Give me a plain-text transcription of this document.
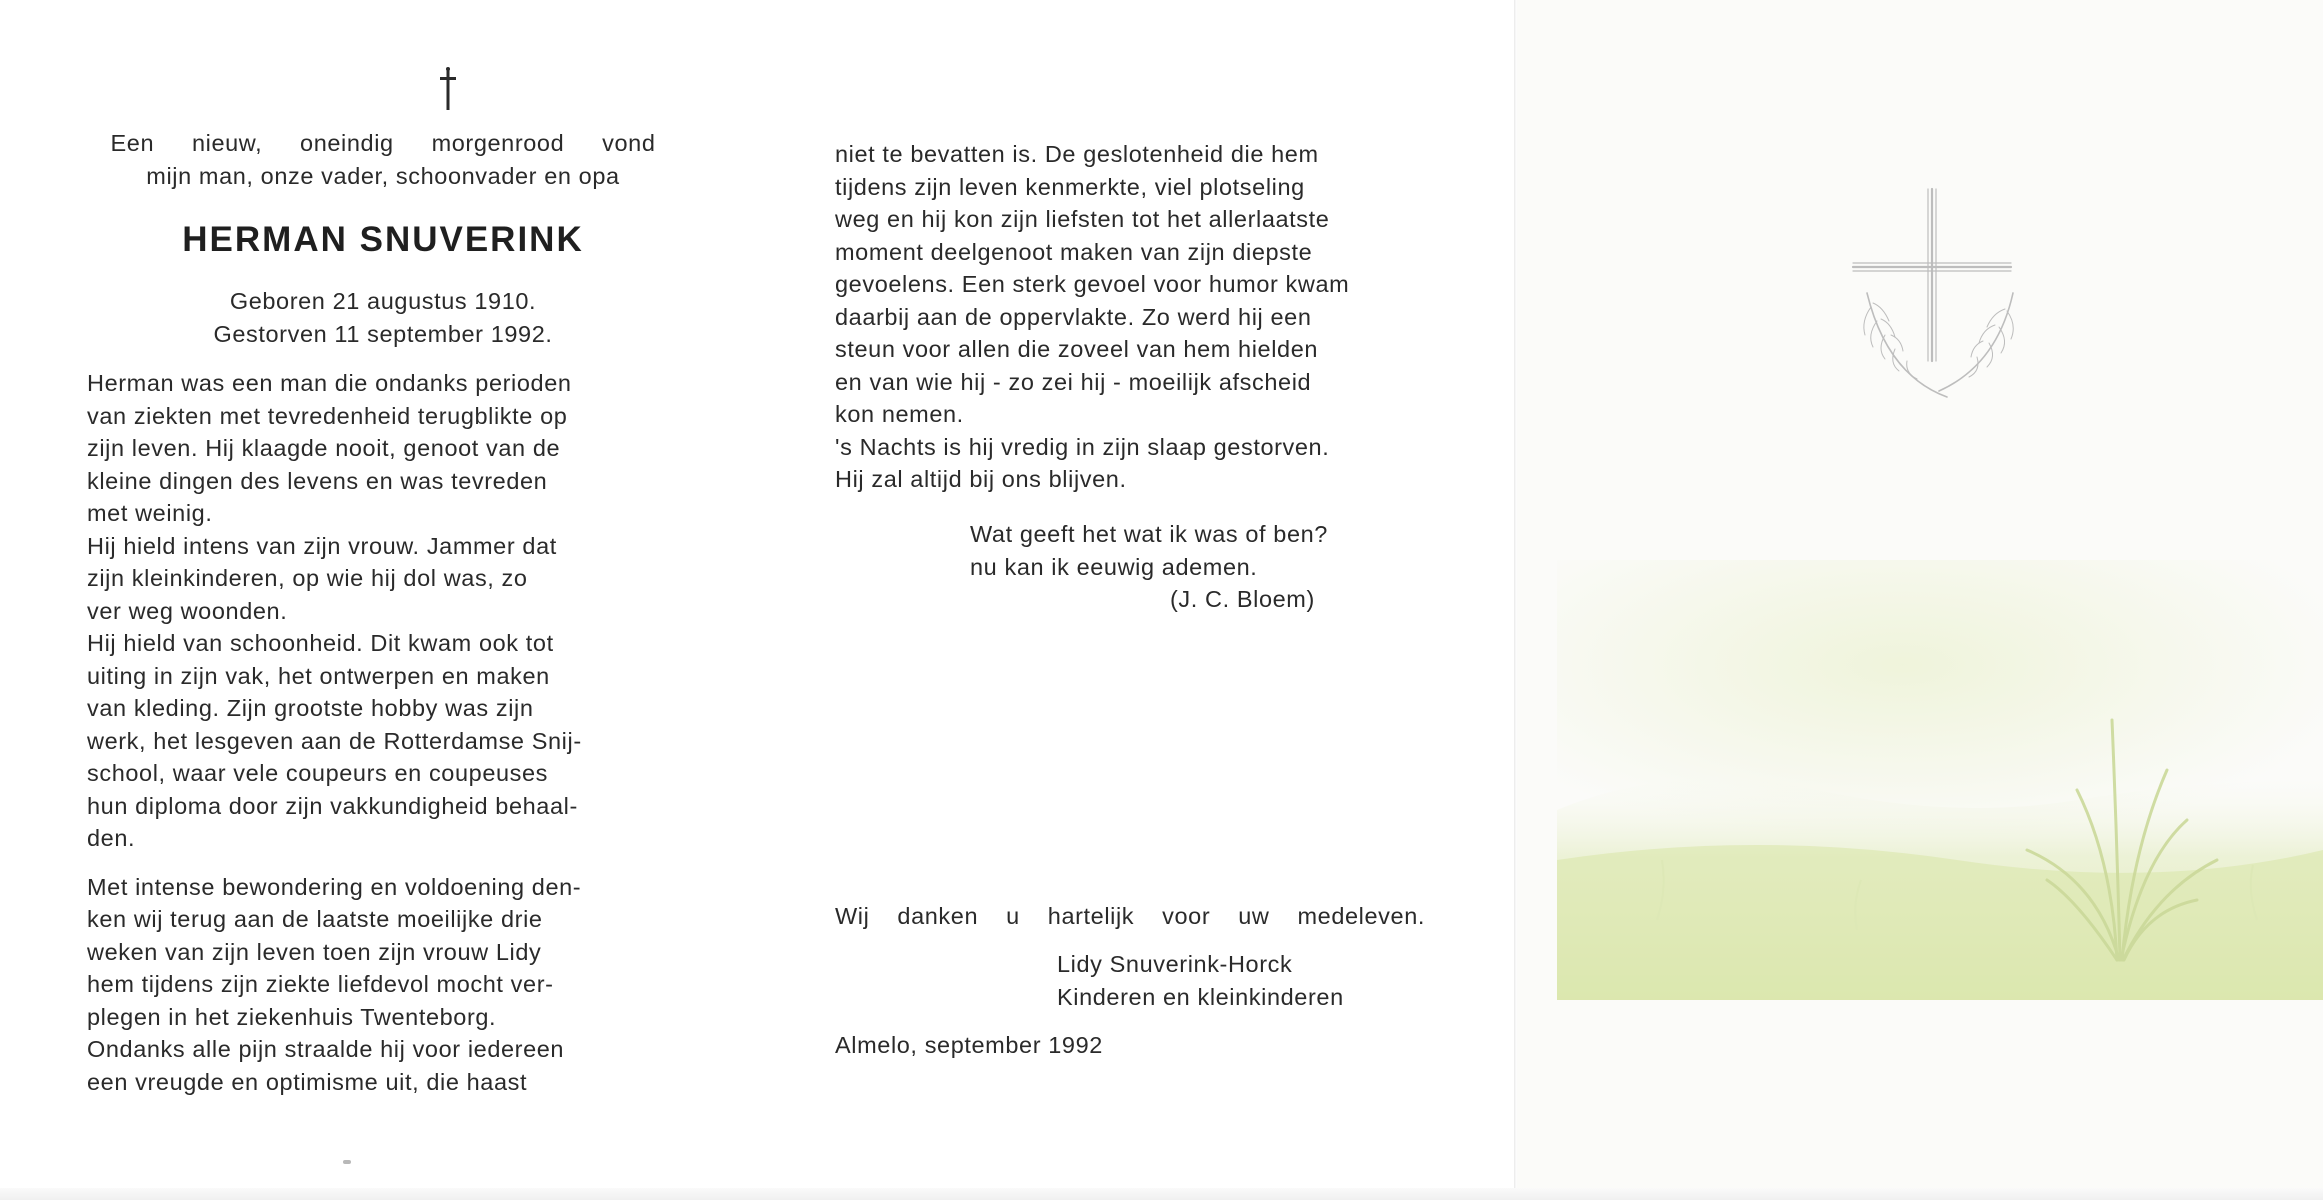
Een nieuw, oneindig morgenrood vond
mijn man, onze vader, schoonvader en opa
HERMAN SNUVERINK
Geboren 21 augustus 1910.
Gestorven 11 september 1992.

Herman was een man die ondanks perioden

van ziekten met tevredenheid terugblikte op

zijn leven. Hij klaagde nooit, genoot van de

kleine dingen des levens en was tevreden

met weinig.

Hij hield intens van zijn vrouw. Jammer dat

zijn kleinkinderen, op wie hij dol was, zo

ver weg woonden.

Hij hield van schoonheid. Dit kwam ook tot

uiting in zijn vak, het ontwerpen en maken

van kleding. Zijn grootste hobby was zijn

werk, het lesgeven aan de Rotterdamse Snij-

school, waar vele coupeurs en coupeuses

hun diploma door zijn vakkundigheid behaal-

den.

Met intense bewondering en voldoening den-

ken wij terug aan de laatste moeilijke drie

weken van zijn leven toen zijn vrouw Lidy

hem tijdens zijn ziekte liefdevol mocht ver-

plegen in het ziekenhuis Twenteborg.

Ondanks alle pijn straalde hij voor iedereen

een vreugde en optimisme uit, die haast

niet te bevatten is. De geslotenheid die hem

tijdens zijn leven kenmerkte, viel plotseling

weg en hij kon zijn liefsten tot het allerlaatste

moment deelgenoot maken van zijn diepste

gevoelens. Een sterk gevoel voor humor kwam

daarbij aan de oppervlakte. Zo werd hij een

steun voor allen die zoveel van hem hielden

en van wie hij - zo zei hij - moeilijk afscheid

kon nemen.

's Nachts is hij vredig in zijn slaap gestorven.

Hij zal altijd bij ons blijven.

Wat geeft het wat ik was of ben?
nu kan ik eeuwig ademen.
(J. C. Bloem)

Wij danken u hartelijk voor uw medeleven.

Lidy Snuverink-Horck
Kinderen en kleinkinderen
Almelo, september 1992
